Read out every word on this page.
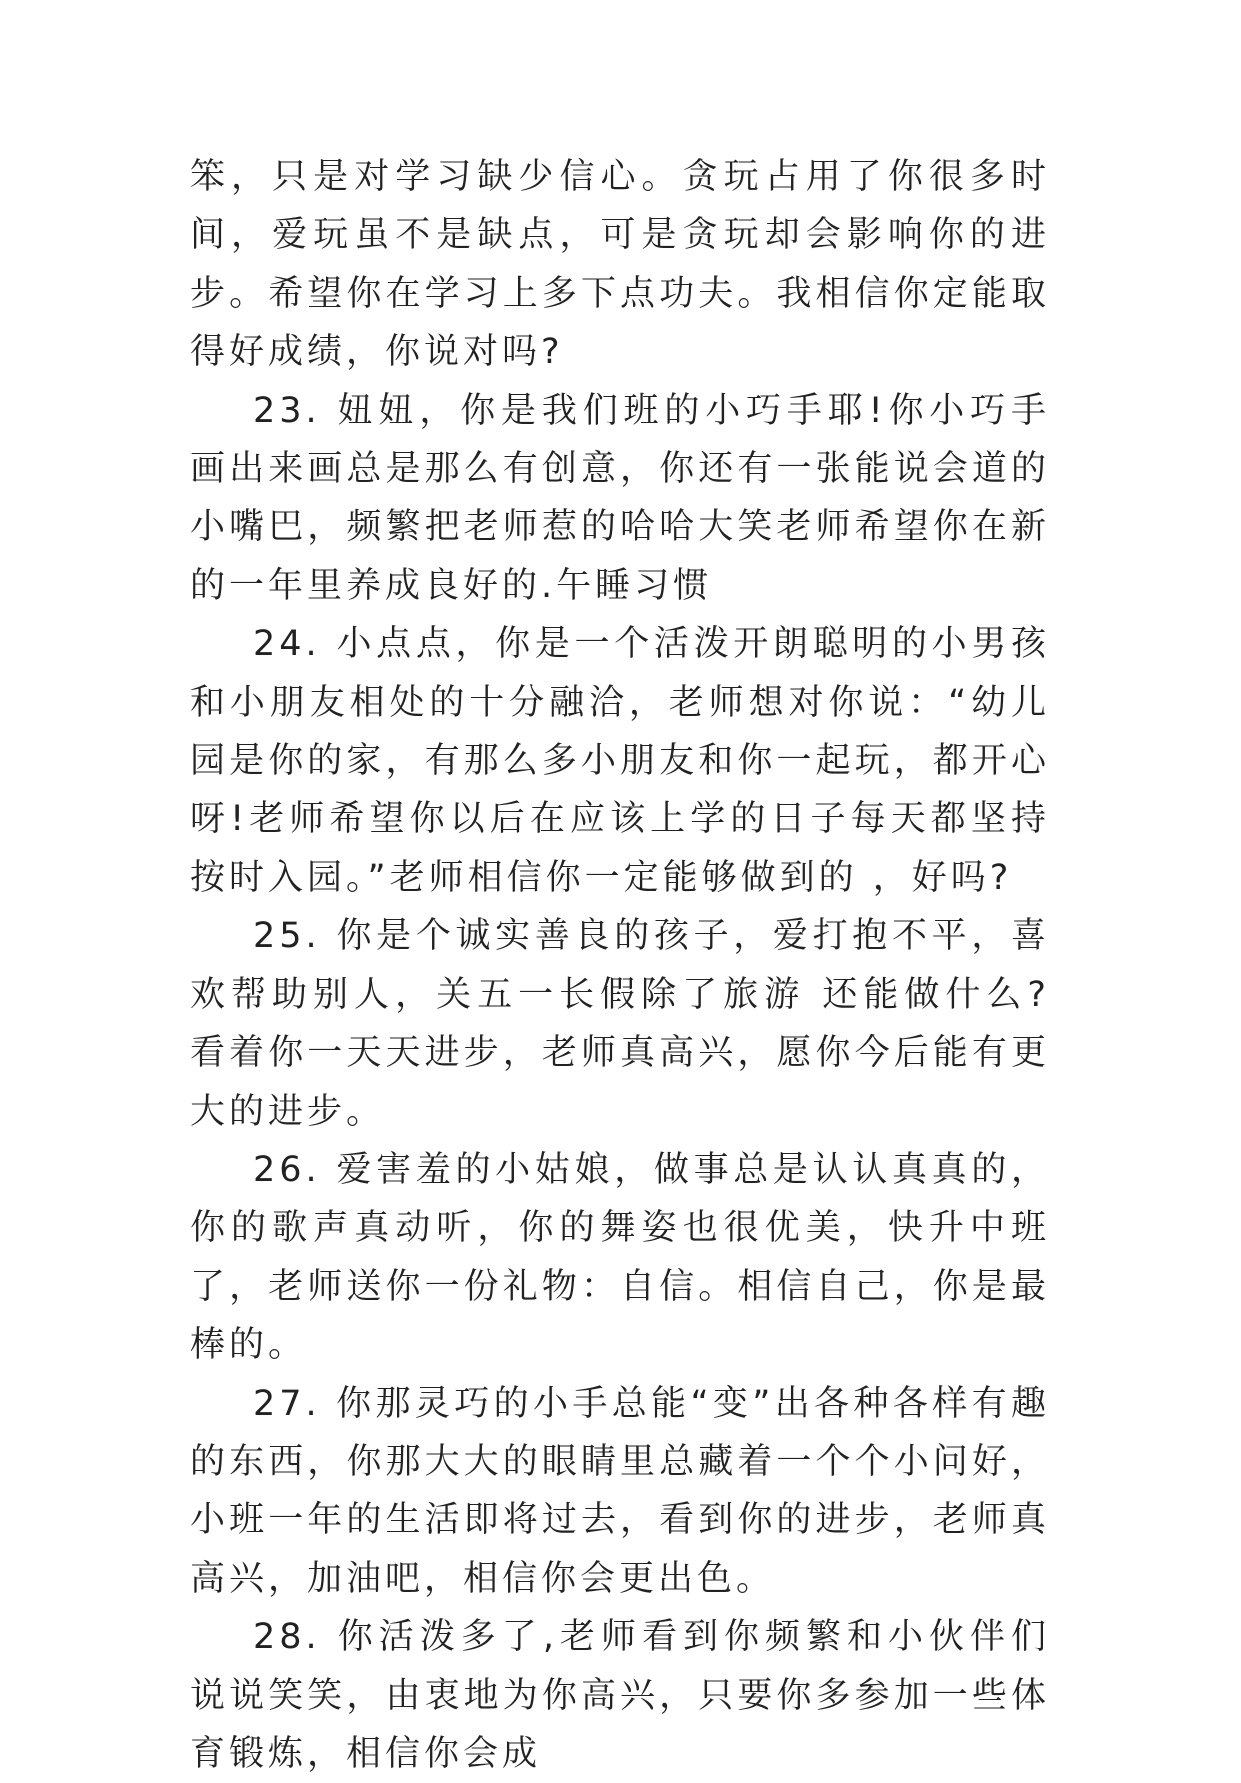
笨，只是对学习缺少信心。贪玩占用了你很多时间，爱玩虽不是缺点，可是贪玩却会影响你的进步。希望你在学习上多下点功夫。我相信你定能取得好成绩，你说对吗?

23. 妞妞，你是我们班的小巧手耶!你小巧手画出来画总是那么有创意，你还有一张能说会道的小嘴巴，频繁把老师惹的哈哈大笑老师希望你在新的一年里养成良好的.午睡习惯

24. 小点点，你是一个活泼开朗聪明的小男孩和小朋友相处的十分融洽，老师想对你说：“幼儿园是你的家，有那么多小朋友和你一起玩，都开心呀!老师希望你以后在应该上学的日子每天都坚持按时入园。”老师相信你一定能够做到的 ，好吗?

25. 你是个诚实善良的孩子，爱打抱不平，喜欢帮助别人，关五一长假除了旅游 还能做什么? 看着你一天天进步，老师真高兴，愿你今后能有更大的进步。

26. 爱害羞的小姑娘，做事总是认认真真的，你的歌声真动听，你的舞姿也很优美，快升中班了，老师送你一份礼物：自信。相信自己，你是最棒的。

27. 你那灵巧的小手总能“变”出各种各样有趣的东西，你那大大的眼睛里总藏着一个个小问好，小班一年的生活即将过去，看到你的进步，老师真高兴，加油吧，相信你会更出色。

28. 你活泼多了,老师看到你频繁和小伙伴们说说笑笑，由衷地为你高兴，只要你多参加一些体育锻炼，相信你会成
